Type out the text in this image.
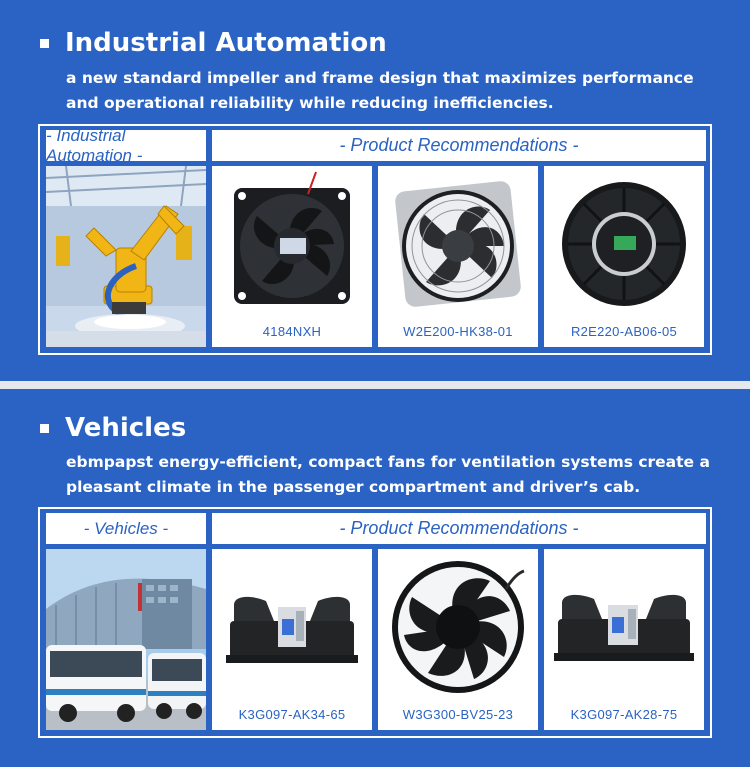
Industrial Automation
a new standard impeller and frame design that maximizes performance and operational reliability while reducing inefficiencies.
- Industrial Automation -	- Product Recommendations -
4184NXH	W2E200-HK38-01	R2E220-AB06-05
Vehicles
ebmpapst energy-efficient, compact fans for ventilation systems create a pleasant climate in the passenger compartment and driver’s cab.
- Vehicles -	- Product Recommendations -
K3G097-AK34-65	W3G300-BV25-23	K3G097-AK28-75
